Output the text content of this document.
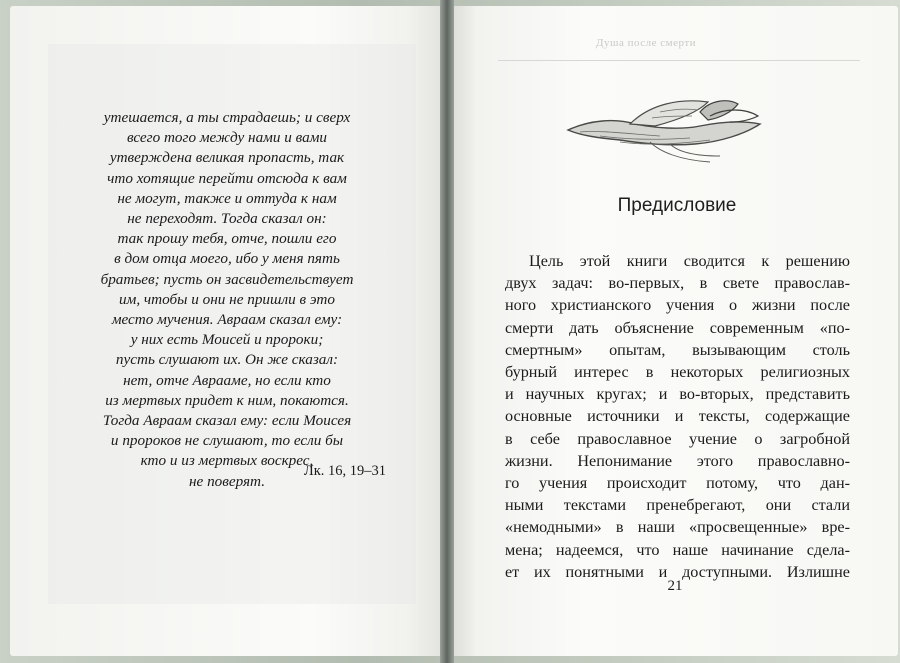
утешается, а ты страдаешь; и сверх
всего того между нами и вами
утверждена великая пропасть, так
что хотящие перейти отсюда к вам
не могут, также и оттуда к нам
не переходят. Тогда сказал он:
так прошу тебя, отче, пошли его
в дом отца моего, ибо у меня пять
братьев; пусть он засвидетельствует
им, чтобы и они не пришли в это
место мучения. Авраам сказал ему:
у них есть Моисей и пророки;
пусть слушают их. Он же сказал:
нет, отче Аврааме, но если кто
из мертвых придет к ним, покаются.
Тогда Авраам сказал ему: если Моисея
и пророков не слушают, то если бы
кто и из мертвых воскрес,
не поверят.
Лк. 16, 19–31
Душа после смерти
Предисловие
Цель этой книги сводится к решению
двух задач: во-первых, в свете православ-
ного христианского учения о жизни после
смерти дать объяснение современным «по-
смертным» опытам, вызывающим столь
бурный интерес в некоторых религиозных
и научных кругах; и во-вторых, представить
основные источники и тексты, содержащие
в себе православное учение о загробной
жизни. Непонимание этого православно-
го учения происходит потому, что дан-
ными текстами пренебрегают, они стали
«немодными» в наши «просвещенные» вре-
мена; надеемся, что наше начинание сдела-
ет их понятными и доступными. Излишне
21
